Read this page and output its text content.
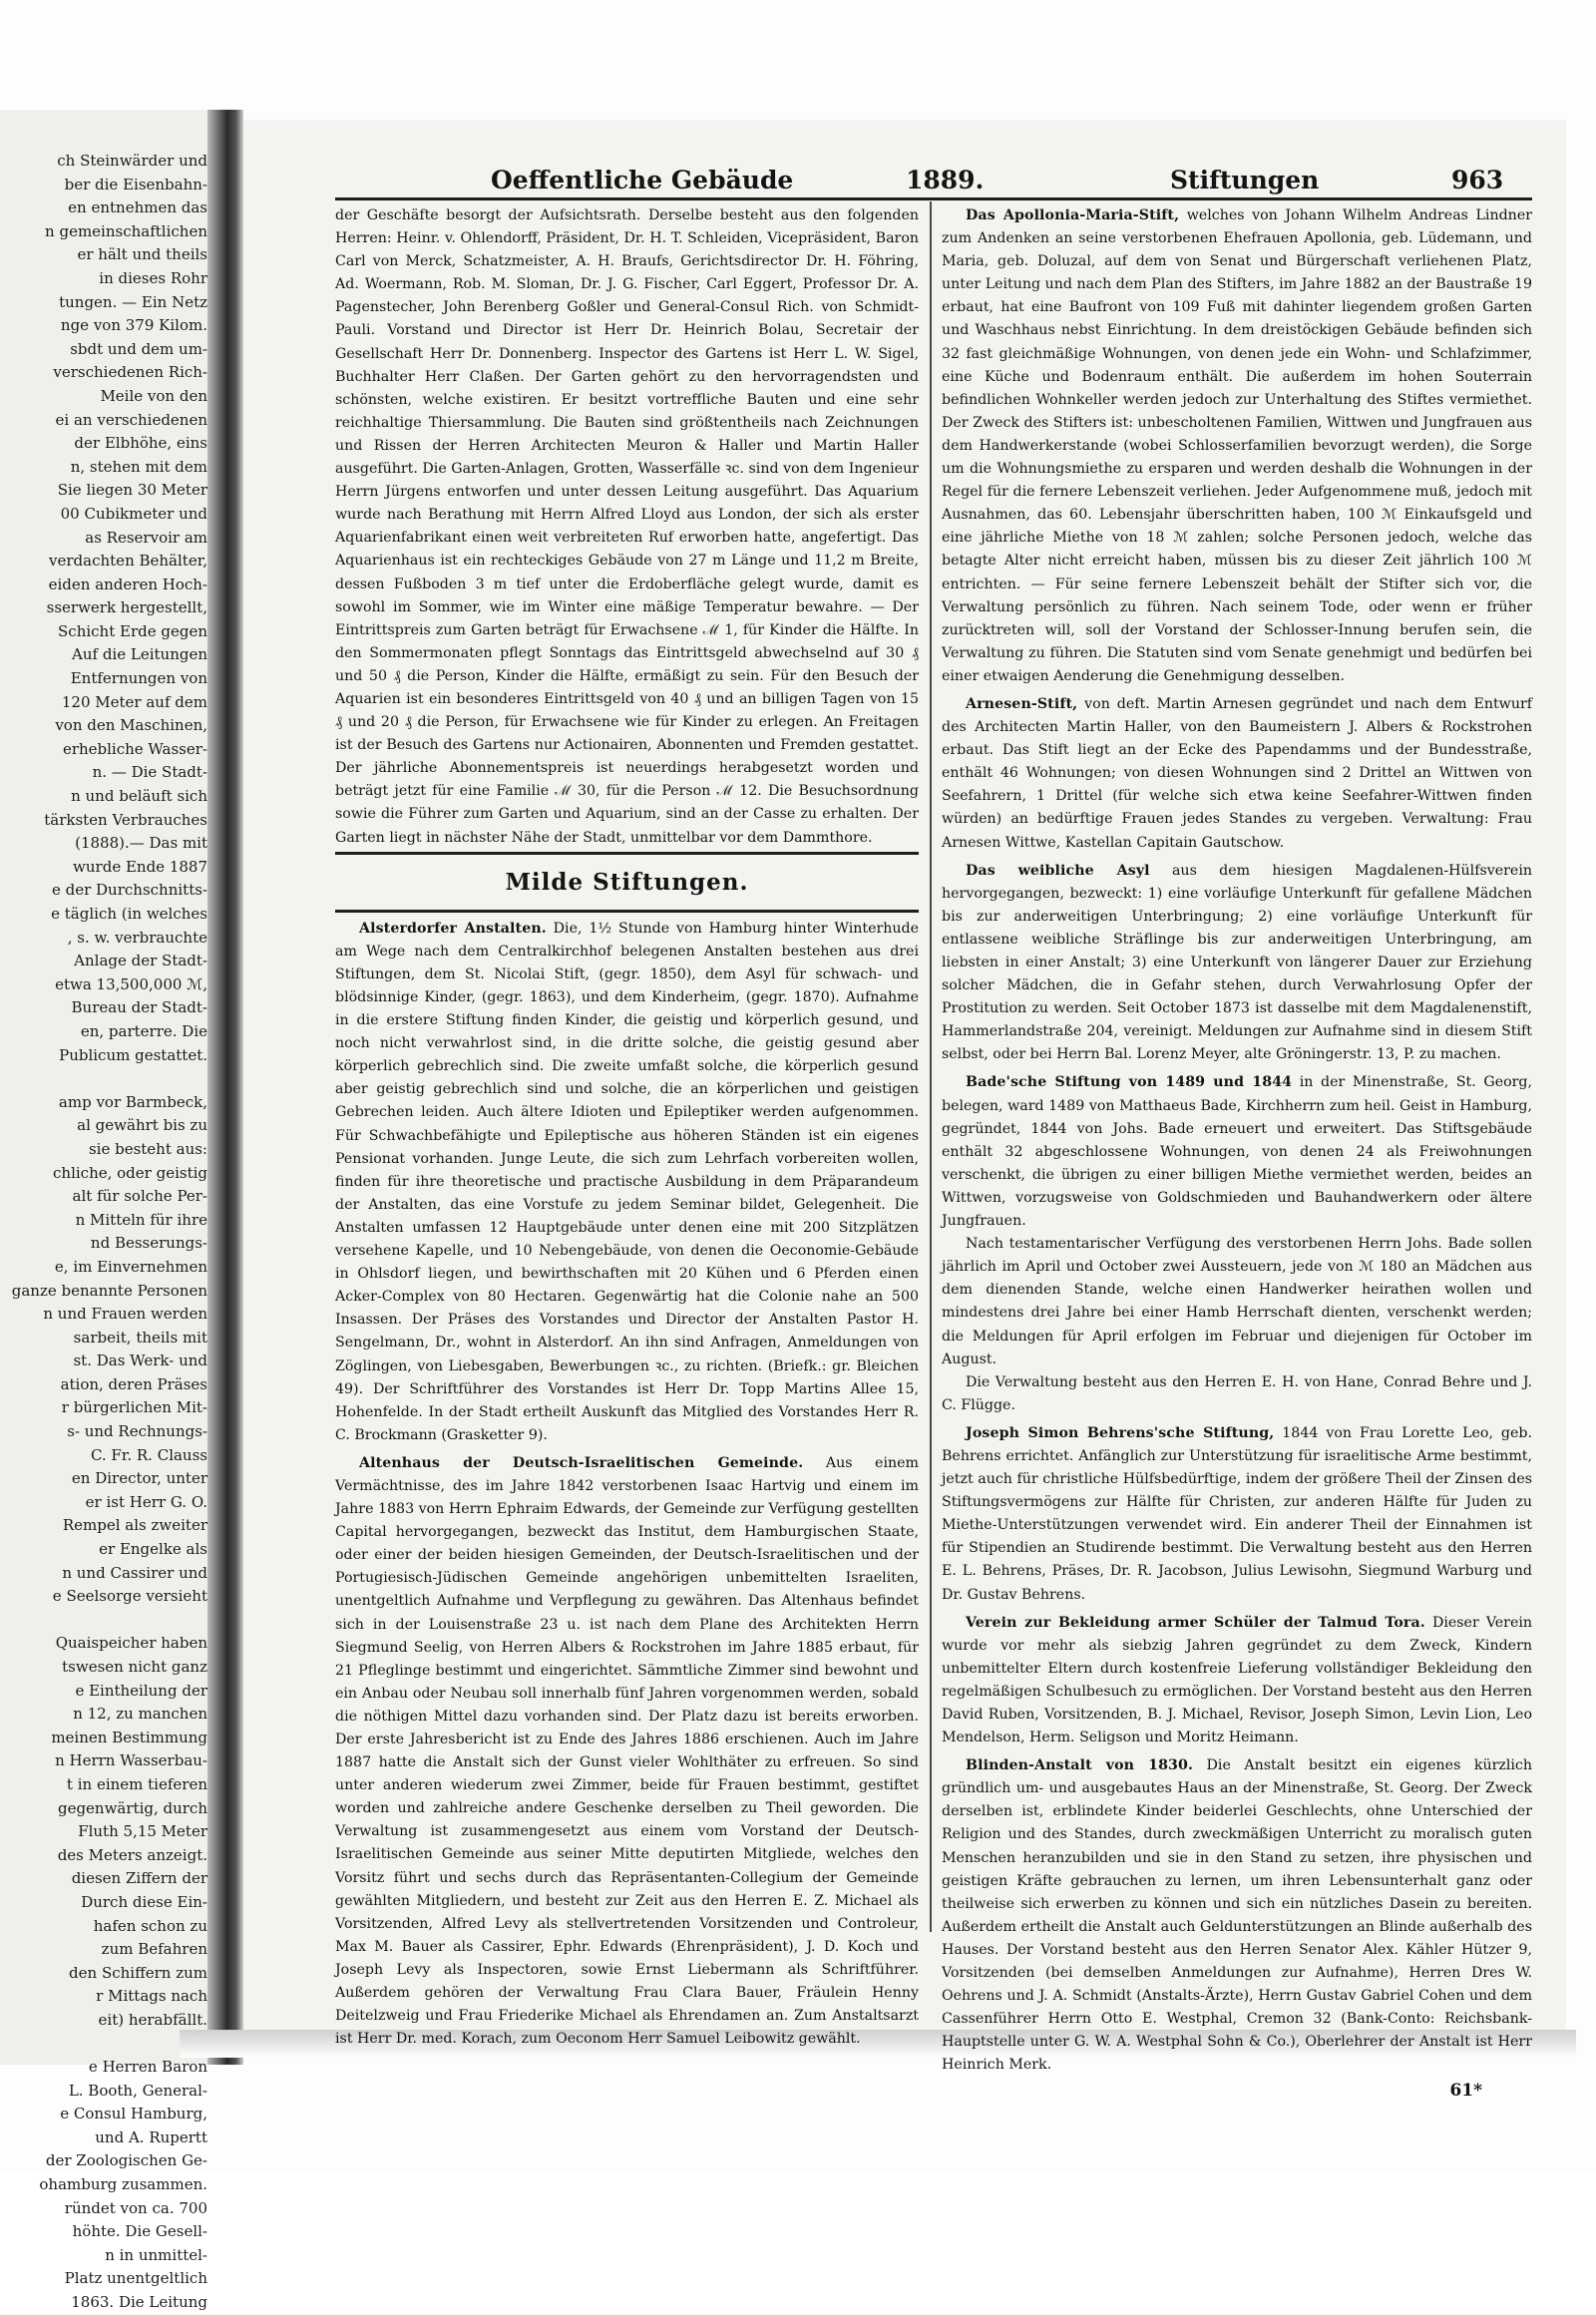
ch Steinwärder und
ber die Eisenbahn-
en entnehmen das
n gemeinschaftlichen
er hält und theils
in dieses Rohr
tungen. — Ein Netz
nge von 379 Kilom.
sbdt und dem um-
verschiedenen Rich-
Meile von den
ei an verschiedenen
der Elbhöhe, eins
n, stehen mit dem
Sie liegen 30 Meter
00 Cubikmeter und
as Reservoir am
verdachten Behälter,
eiden anderen Hoch-
sserwerk hergestellt,
Schicht Erde gegen
Auf die Leitungen
Entfernungen von
120 Meter auf dem
von den Maschinen,
erhebliche Wasser-
n. — Die Stadt-
n und beläuft sich
tärksten Verbrauches
(1888).— Das mit
wurde Ende 1887
e der Durchschnitts-
e täglich (in welches
, s. w. verbrauchte
Anlage der Stadt-
etwa 13,500,000 ℳ,
Bureau der Stadt-
en, parterre. Die
Publicum gestattet.

amp vor Barmbeck,
al gewährt bis zu
sie besteht aus:
chliche, oder geistig
alt für solche Per-
n Mitteln für ihre
nd Besserungs-
e, im Einvernehmen
ganze benannte Personen
n und Frauen werden
sarbeit, theils mit
st. Das Werk- und
ation, deren Präses
r bürgerlichen Mit-
s- und Rechnungs-
C. Fr. R. Clauss
en Director, unter
er ist Herr G. O.
Rempel als zweiter
er Engelke als
n und Cassirer und
e Seelsorge versieht

Quaispeicher haben
tswesen nicht ganz
e Eintheilung der
n 12, zu manchen
meinen Bestimmung
n Herrn Wasserbau-
t in einem tieferen
gegenwärtig, durch
Fluth 5,15 Meter
des Meters anzeigt.
diesen Ziffern der
Durch diese Ein-
hafen schon zu
zum Befahren
den Schiffern zum
r Mittags nach
eit) herabfällt.

e Herren Baron
L. Booth, General-
e Consul Hamburg,
und A. Rupertt
der Zoologischen Ge-
ohamburg zusammen.
ründet von ca. 700
höhte. Die Gesell-
n in unmittel-
Platz unentgeltlich
1863. Die Leitung
Oeffentliche Gebäude	1889.	Stiftungen	963

der Geschäfte besorgt der Aufsichtsrath. Derselbe besteht aus den folgenden Herren: Heinr. v. Ohlendorff, Präsident, Dr. H. T. Schleiden, Vicepräsident, Baron Carl von Merck, Schatzmeister, A. H. Braufs, Gerichtsdirector Dr. H. Föhring, Ad. Woermann, Rob. M. Sloman, Dr. J. G. Fischer, Carl Eggert, Professor Dr. A. Pagenstecher, John Berenberg Goßler und General-Consul Rich. von Schmidt-Pauli. Vorstand und Director ist Herr Dr. Heinrich Bolau, Secretair der Gesellschaft Herr Dr. Donnenberg. Inspector des Gartens ist Herr L. W. Sigel, Buchhalter Herr Claßen. Der Garten gehört zu den hervorragendsten und schönsten, welche existiren. Er besitzt vortreffliche Bauten und eine sehr reichhaltige Thiersammlung. Die Bauten sind größtentheils nach Zeichnungen und Rissen der Herren Architecten Meuron & Haller und Martin Haller ausgeführt. Die Garten-Anlagen, Grotten, Wasserfälle ꝛc. sind von dem Ingenieur Herrn Jürgens entworfen und unter dessen Leitung ausgeführt. Das Aquarium wurde nach Berathung mit Herrn Alfred Lloyd aus London, der sich als erster Aquarienfabrikant einen weit verbreiteten Ruf erworben hatte, angefertigt. Das Aquarienhaus ist ein rechteckiges Gebäude von 27 m Länge und 11,2 m Breite, dessen Fußboden 3 m tief unter die Erdoberfläche gelegt wurde, damit es sowohl im Sommer, wie im Winter eine mäßige Temperatur bewahre. — Der Eintrittspreis zum Garten beträgt für Erwachsene ℳ 1, für Kinder die Hälfte. In den Sommermonaten pflegt Sonntags das Eintrittsgeld abwechselnd auf 30 ₰ und 50 ₰ die Person, Kinder die Hälfte, ermäßigt zu sein. Für den Besuch der Aquarien ist ein besonderes Eintrittsgeld von 40 ₰ und an billigen Tagen von 15 ₰ und 20 ₰ die Person, für Erwachsene wie für Kinder zu erlegen. An Freitagen ist der Besuch des Gartens nur Actionairen, Abonnenten und Fremden gestattet. Der jährliche Abonnementspreis ist neuerdings herabgesetzt worden und beträgt jetzt für eine Familie ℳ 30, für die Person ℳ 12. Die Besuchsordnung sowie die Führer zum Garten und Aquarium, sind an der Casse zu erhalten. Der Garten liegt in nächster Nähe der Stadt, unmittelbar vor dem Dammthore.

Milde Stiftungen.

Alsterdorfer Anstalten. Die, 1½ Stunde von Hamburg hinter Winterhude am Wege nach dem Centralkirchhof belegenen Anstalten bestehen aus drei Stiftungen, dem St. Nicolai Stift, (gegr. 1850), dem Asyl für schwach- und blödsinnige Kinder, (gegr. 1863), und dem Kinderheim, (gegr. 1870). Aufnahme in die erstere Stiftung finden Kinder, die geistig und körperlich gesund, und noch nicht verwahrlost sind, in die dritte solche, die geistig gesund aber körperlich gebrechlich sind. Die zweite umfaßt solche, die körperlich gesund aber geistig gebrechlich sind und solche, die an körperlichen und geistigen Gebrechen leiden. Auch ältere Idioten und Epileptiker werden aufgenommen. Für Schwachbefähigte und Epileptische aus höheren Ständen ist ein eigenes Pensionat vorhanden. Junge Leute, die sich zum Lehrfach vorbereiten wollen, finden für ihre theoretische und practische Ausbildung in dem Präparandeum der Anstalten, das eine Vorstufe zu jedem Seminar bildet, Gelegenheit. Die Anstalten umfassen 12 Hauptgebäude unter denen eine mit 200 Sitzplätzen versehene Kapelle, und 10 Nebengebäude, von denen die Oeconomie-Gebäude in Ohlsdorf liegen, und bewirthschaften mit 20 Kühen und 6 Pferden einen Acker-Complex von 80 Hectaren. Gegenwärtig hat die Colonie nahe an 500 Insassen. Der Präses des Vorstandes und Director der Anstalten Pastor H. Sengelmann, Dr., wohnt in Alsterdorf. An ihn sind Anfragen, Anmeldungen von Zöglingen, von Liebesgaben, Bewerbungen ꝛc., zu richten. (Briefk.: gr. Bleichen 49). Der Schriftführer des Vorstandes ist Herr Dr. Topp Martins Allee 15, Hohenfelde. In der Stadt ertheilt Auskunft das Mitglied des Vorstandes Herr R. C. Brockmann (Grasketter 9).

Altenhaus der Deutsch-Israelitischen Gemeinde. Aus einem Vermächtnisse, des im Jahre 1842 verstorbenen Isaac Hartvig und einem im Jahre 1883 von Herrn Ephraim Edwards, der Gemeinde zur Verfügung gestellten Capital hervorgegangen, bezweckt das Institut, dem Hamburgischen Staate, oder einer der beiden hiesigen Gemeinden, der Deutsch-Israelitischen und der Portugiesisch-Jüdischen Gemeinde angehörigen unbemittelten Israeliten, unentgeltlich Aufnahme und Verpflegung zu gewähren. Das Altenhaus befindet sich in der Louisenstraße 23 u. ist nach dem Plane des Architekten Herrn Siegmund Seelig, von Herren Albers & Rockstrohen im Jahre 1885 erbaut, für 21 Pfleglinge bestimmt und eingerichtet. Sämmtliche Zimmer sind bewohnt und ein Anbau oder Neubau soll innerhalb fünf Jahren vorgenommen werden, sobald die nöthigen Mittel dazu vorhanden sind. Der Platz dazu ist bereits erworben. Der erste Jahresbericht ist zu Ende des Jahres 1886 erschienen. Auch im Jahre 1887 hatte die Anstalt sich der Gunst vieler Wohlthäter zu erfreuen. So sind unter anderen wiederum zwei Zimmer, beide für Frauen bestimmt, gestiftet worden und zahlreiche andere Geschenke derselben zu Theil geworden. Die Verwaltung ist zusammengesetzt aus einem vom Vorstand der Deutsch-Israelitischen Gemeinde aus seiner Mitte deputirten Mitgliede, welches den Vorsitz führt und sechs durch das Repräsentanten-Collegium der Gemeinde gewählten Mitgliedern, und besteht zur Zeit aus den Herren E. Z. Michael als Vorsitzenden, Alfred Levy als stellvertretenden Vorsitzenden und Controleur, Max M. Bauer als Cassirer, Ephr. Edwards (Ehrenpräsident), J. D. Koch und Joseph Levy als Inspectoren, sowie Ernst Liebermann als Schriftführer. Außerdem gehören der Verwaltung Frau Clara Bauer, Fräulein Henny Deitelzweig und Frau Friederike Michael als Ehrendamen an. Zum Anstaltsarzt ist Herr Dr. med. Korach, zum Oeconom Herr Samuel Leibowitz gewählt.

Das Apollonia-Maria-Stift, welches von Johann Wilhelm Andreas Lindner zum Andenken an seine verstorbenen Ehefrauen Apollonia, geb. Lüdemann, und Maria, geb. Doluzal, auf dem von Senat und Bürgerschaft verliehenen Platz, unter Leitung und nach dem Plan des Stifters, im Jahre 1882 an der Baustraße 19 erbaut, hat eine Baufront von 109 Fuß mit dahinter liegendem großen Garten und Waschhaus nebst Einrichtung. In dem dreistöckigen Gebäude befinden sich 32 fast gleichmäßige Wohnungen, von denen jede ein Wohn- und Schlafzimmer, eine Küche und Bodenraum enthält. Die außerdem im hohen Souterrain befindlichen Wohnkeller werden jedoch zur Unterhaltung des Stiftes vermiethet. Der Zweck des Stifters ist: unbescholtenen Familien, Wittwen und Jungfrauen aus dem Handwerkerstande (wobei Schlosserfamilien bevorzugt werden), die Sorge um die Wohnungsmiethe zu ersparen und werden deshalb die Wohnungen in der Regel für die fernere Lebenszeit verliehen. Jeder Aufgenommene muß, jedoch mit Ausnahmen, das 60. Lebensjahr überschritten haben, 100 ℳ Einkaufsgeld und eine jährliche Miethe von 18 ℳ zahlen; solche Personen jedoch, welche das betagte Alter nicht erreicht haben, müssen bis zu dieser Zeit jährlich 100 ℳ entrichten. — Für seine fernere Lebenszeit behält der Stifter sich vor, die Verwaltung persönlich zu führen. Nach seinem Tode, oder wenn er früher zurücktreten will, soll der Vorstand der Schlosser-Innung berufen sein, die Verwaltung zu führen. Die Statuten sind vom Senate genehmigt und bedürfen bei einer etwaigen Aenderung die Genehmigung desselben.

Arnesen-Stift, von deft. Martin Arnesen gegründet und nach dem Entwurf des Architecten Martin Haller, von den Baumeistern J. Albers & Rockstrohen erbaut. Das Stift liegt an der Ecke des Papendamms und der Bundesstraße, enthält 46 Wohnungen; von diesen Wohnungen sind 2 Drittel an Wittwen von Seefahrern, 1 Drittel (für welche sich etwa keine Seefahrer-Wittwen finden würden) an bedürftige Frauen jedes Standes zu vergeben. Verwaltung: Frau Arnesen Wittwe, Kastellan Capitain Gautschow.

Das weibliche Asyl aus dem hiesigen Magdalenen-Hülfsverein hervorgegangen, bezweckt: 1) eine vorläufige Unterkunft für gefallene Mädchen bis zur anderweitigen Unterbringung; 2) eine vorläufige Unterkunft für entlassene weibliche Sträflinge bis zur anderweitigen Unterbringung, am liebsten in einer Anstalt; 3) eine Unterkunft von längerer Dauer zur Erziehung solcher Mädchen, die in Gefahr stehen, durch Verwahrlosung Opfer der Prostitution zu werden. Seit October 1873 ist dasselbe mit dem Magdalenenstift, Hammerlandstraße 204, vereinigt. Meldungen zur Aufnahme sind in diesem Stift selbst, oder bei Herrn Bal. Lorenz Meyer, alte Gröningerstr. 13, P. zu machen.

Bade'sche Stiftung von 1489 und 1844 in der Minenstraße, St. Georg, belegen, ward 1489 von Matthaeus Bade, Kirchherrn zum heil. Geist in Hamburg, gegründet, 1844 von Johs. Bade erneuert und erweitert. Das Stiftsgebäude enthält 32 abgeschlossene Wohnungen, von denen 24 als Freiwohnungen verschenkt, die übrigen zu einer billigen Miethe vermiethet werden, beides an Wittwen, vorzugsweise von Goldschmieden und Bauhandwerkern oder ältere Jungfrauen.

Nach testamentarischer Verfügung des verstorbenen Herrn Johs. Bade sollen jährlich im April und October zwei Aussteuern, jede von ℳ 180 an Mädchen aus dem dienenden Stande, welche einen Handwerker heirathen wollen und mindestens drei Jahre bei einer Hamb Herrschaft dienten, verschenkt werden; die Meldungen für April erfolgen im Februar und diejenigen für October im August.

Die Verwaltung besteht aus den Herren E. H. von Hane, Conrad Behre und J. C. Flügge.

Joseph Simon Behrens'sche Stiftung, 1844 von Frau Lorette Leo, geb. Behrens errichtet. Anfänglich zur Unterstützung für israelitische Arme bestimmt, jetzt auch für christliche Hülfsbedürftige, indem der größere Theil der Zinsen des Stiftungsvermögens zur Hälfte für Christen, zur anderen Hälfte für Juden zu Miethe-Unterstützungen verwendet wird. Ein anderer Theil der Einnahmen ist für Stipendien an Studirende bestimmt. Die Verwaltung besteht aus den Herren E. L. Behrens, Präses, Dr. R. Jacobson, Julius Lewisohn, Siegmund Warburg und Dr. Gustav Behrens.

Verein zur Bekleidung armer Schüler der Talmud Tora. Dieser Verein wurde vor mehr als siebzig Jahren gegründet zu dem Zweck, Kindern unbemittelter Eltern durch kostenfreie Lieferung vollständiger Bekleidung den regelmäßigen Schulbesuch zu ermöglichen. Der Vorstand besteht aus den Herren David Ruben, Vorsitzenden, B. J. Michael, Revisor, Joseph Simon, Levin Lion, Leo Mendelson, Herm. Seligson und Moritz Heimann.

Blinden-Anstalt von 1830. Die Anstalt besitzt ein eigenes kürzlich gründlich um- und ausgebautes Haus an der Minenstraße, St. Georg. Der Zweck derselben ist, erblindete Kinder beiderlei Geschlechts, ohne Unterschied der Religion und des Standes, durch zweckmäßigen Unterricht zu moralisch guten Menschen heranzubilden und sie in den Stand zu setzen, ihre physischen und geistigen Kräfte gebrauchen zu lernen, um ihren Lebensunterhalt ganz oder theilweise sich erwerben zu können und sich ein nützliches Dasein zu bereiten. Außerdem ertheilt die Anstalt auch Geldunterstützungen an Blinde außerhalb des Hauses. Der Vorstand besteht aus den Herren Senator Alex. Kähler Hützer 9, Vorsitzenden (bei demselben Anmeldungen zur Aufnahme), Herren Dres W. Oehrens und J. A. Schmidt (Anstalts-Ärzte), Herrn Gustav Gabriel Cohen und dem Cassenführer Herrn Otto E. Westphal, Cremon 32 (Bank-Conto: Reichsbank-Hauptstelle unter G. W. A. Westphal Sohn & Co.), Oberlehrer der Anstalt ist Herr Heinrich Merk.

61*
